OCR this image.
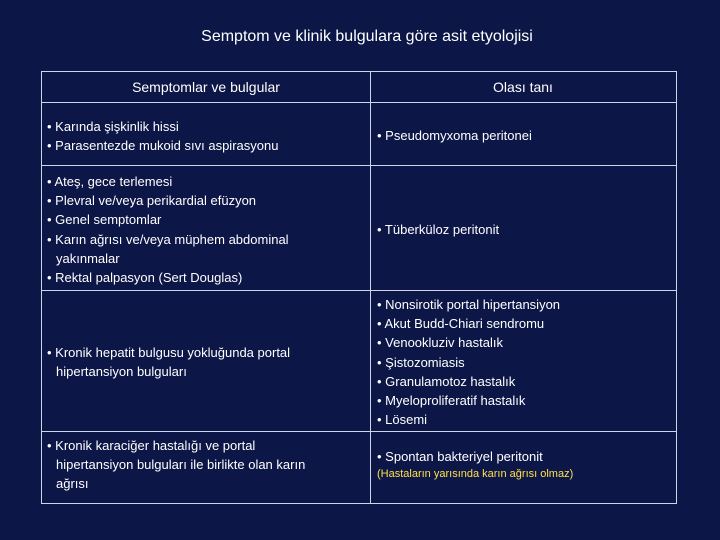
Semptom ve klinik bulgulara göre asit etyolojisi
Semptomlar ve bulgular	Olası tanı
• Karında şişkinlik hissi
• Parasentezde mukoid sıvı aspirasyonu
• Pseudomyxoma peritonei
• Ateş, gece terlemesi
• Plevral ve/veya perikardial efüzyon
• Genel semptomlar
• Karın ağrısı ve/veya müphem abdominal
yakınmalar
• Rektal palpasyon (Sert Douglas)
• Tüberküloz peritonit
• Kronik hepatit bulgusu yokluğunda portal
hipertansiyon bulguları
• Nonsirotik portal hipertansiyon
• Akut Budd-Chiari sendromu
• Venookluziv hastalık
• Şistozomiasis
• Granulamotoz hastalık
• Myeloproliferatif hastalık
• Lösemi
• Kronik karaciğer hastalığı ve portal
hipertansiyon bulguları ile birlikte olan karın
ağrısı
• Spontan bakteriyel peritonit
(Hastaların yarısında karın ağrısı olmaz)
